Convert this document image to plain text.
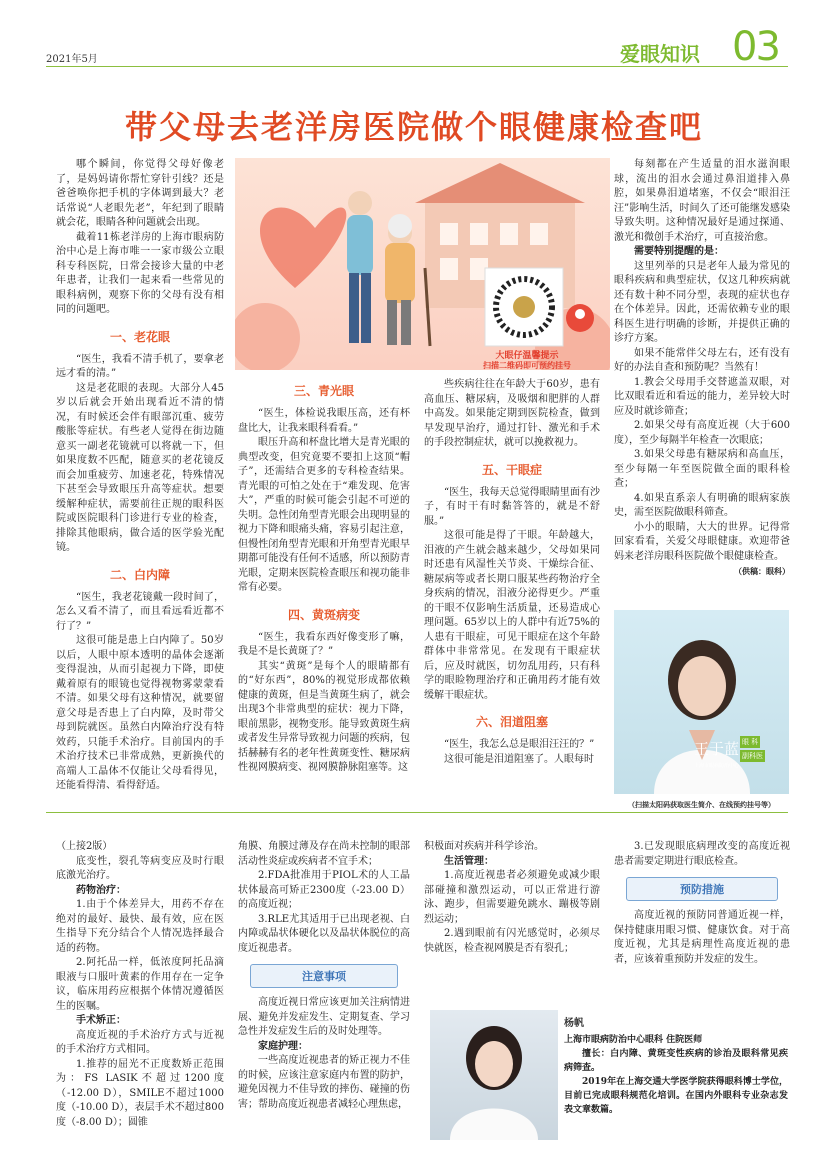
2021年5月	爱眼知识 03
带父母去老洋房医院做个眼健康检查吧

哪个瞬间，你觉得父母好像老了，是妈妈请你帮忙穿针引线？还是爸爸唤你把手机的字体调到最大？老话常说“人老眼先老”，年纪到了眼睛就会花，眼睛各种问题就会出现。

截着11栋老洋房的上海市眼病防治中心是上海市唯一一家市级公立眼科专科医院，日常会接诊大量的中老年患者，让我们一起来看一些常见的眼科病例，观察下你的父母有没有相同的问题吧。

一、老花眼

“医生，我看不清手机了，要拿老远才看的清。”

这是老花眼的表现。大部分人45岁以后就会开始出现看近不清的情况，有时候还会伴有眼部沉重、疲劳酸胀等症状。有些老人觉得在街边随意买一副老花镜就可以将就一下，但如果度数不匹配，随意买的老花镜反而会加重疲劳、加速老花，特殊情况下甚至会导致眼压升高等症状。想要缓解种症状，需要前往正规的眼科医院或医院眼科门诊进行专业的检查，排除其他眼病，做合适的医学验光配镜。

二、白内障

“医生，我老花镜戴一段时间了，怎么又看不清了，而且看远看近都不行了？”

这很可能是患上白内障了。50岁以后，人眼中原本透明的晶体会逐渐变得混浊，从而引起视力下降，即使戴着原有的眼镜也觉得视物雾蒙蒙看不清。如果父母有这种情况，就要留意父母是否患上了白内障，及时带父母到院就医。虽然白内障治疗没有特效药，只能手术治疗。目前国内的手术治疗技术已非常成熟，更新换代的高端人工晶体不仅能让父母看得见，还能看得清、看得舒适。

大眼仔温馨提示
扫描二维码即可预约挂号
三、青光眼

“医生，体检说我眼压高，还有杯盘比大，让我来眼科看看。”

眼压升高和杯盘比增大是青光眼的典型改变，但究竟要不要扣上这顶“帽子”，还需结合更多的专科检查结果。青光眼的可怕之处在于“难发现、危害大”，严重的时候可能会引起不可逆的失明。急性闭角型青光眼会出现明显的视力下降和眼痛头痛，容易引起注意，但慢性闭角型青光眼和开角型青光眼早期都可能没有任何不适感，所以预防青光眼，定期来医院检查眼压和视功能非常有必要。

四、黄斑病变

“医生，我看东西好像变形了嘛，我是不是长黄斑了？”

其实“黄斑”是每个人的眼睛都有的“好东西”，80%的视觉形成都依赖健康的黄斑，但是当黄斑生病了，就会出现3个非常典型的症状：视力下降，眼前黑影，视物变形。能导致黄斑生病或者发生异常导致视力问题的疾病，包括赫赫有名的老年性黄斑变性、糖尿病性视网膜病变、视网膜静脉阻塞等。这

些疾病往往在年龄大于60岁，患有高血压、糖尿病，及吸烟和肥胖的人群中高发。如果能定期到医院检查，做到早发现早治疗，通过打针、激光和手术的手段控制症状，就可以挽救视力。

五、干眼症

“医生，我每天总觉得眼睛里面有沙子，有时干有时黏答答的，就是不舒服。”

这很可能是得了干眼。年龄越大，泪液的产生就会越来越少，父母如果同时还患有风湿性关节炎、干燥综合征、糖尿病等或者长期口服某些药物治疗全身疾病的情况，泪液分泌得更少。严重的干眼不仅影响生活质量，还易造成心理问题。65岁以上的人群中有近75%的人患有干眼症，可见干眼症在这个年龄群体中非常常见。在发现有干眼症状后，应及时就医，切勿乱用药，只有科学的眼睑物理治疗和正确用药才能有效缓解干眼症状。

六、泪道阻塞

“医生，我怎么总是眼泪汪汪的？”

这很可能是泪道阻塞了。人眼每时

每刻都在产生适量的泪水滋润眼球，流出的泪水会通过鼻泪道排入鼻腔，如果鼻泪道堵塞，不仅会“眼泪汪汪”影响生活，时间久了还可能继发感染导致失明。这种情况最好是通过探通、激光和微创手术治疗，可直接治愈。

需要特别提醒的是：

这里列举的只是老年人最为常见的眼科疾病和典型症状，仅这几种疾病就还有数十种不同分型，表现的症状也存在个体差异。因此，还需依赖专业的眼科医生进行明确的诊断，并提供正确的诊疗方案。

如果不能常伴父母左右，还有没有好的办法自查和预防呢？当然有！

1.教会父母用手交替遮盖双眼，对比双眼看近和看远的能力，差异较大时应及时就诊筛查；

2.如果父母有高度近视（大于600度），至少每隔半年检查一次眼底；

3.如果父母患有糖尿病和高血压，至少每隔一年至医院做全面的眼科检查；

4.如果直系亲人有明确的眼病家族史，需至医院做眼科筛查。

小小的眼睛，大大的世界。记得常回家看看，关爱父母眼健康。欢迎带爸妈来老洋房眼科医院做个眼健康检查。

（供稿：眼科）

王于蓝 眼 科
副科医
上海市眼病防治中心
（扫描太阳码获取医生简介、在线预约挂号等）

（上接2版）

底变性，裂孔等病变应及时行眼底激光治疗。

药物治疗：

1.由于个体差异大，用药不存在绝对的最好、最快、最有效，应在医生指导下充分结合个人情况选择最合适的药物。

2.阿托品一样，低浓度阿托品滴眼液与口服叶黄素的作用存在一定争议，临床用药应根据个体情况遵循医生的医嘱。

手术矫正：

高度近视的手术治疗方式与近视的手术治疗方式相同。

1.推荐的屈光不正度数矫正范围为：FS LASIK不超过1200度（-12.00 D），SMILE不超过1000度（-10.00 D），表层手术不超过800度（-8.00 D）；圆锥

角膜、角膜过薄及存在尚未控制的眼部活动性炎症或疾病者不宜手术；

2.FDA批准用于PIOL术的人工晶状体最高可矫正2300度（-23.00 D）的高度近视；

3.RLE尤其适用于已出现老视、白内障或晶状体硬化以及晶状体脱位的高度近视患者。

注意事项

高度近视日常应该更加关注病情进展、避免并发症发生、定期复查、学习急性并发症发生后的及时处理等。

家庭护理：

一些高度近视患者的矫正视力不佳的时候，应该注意家庭内布置的防护，避免因视力不佳导致的摔伤、碰撞的伤害；帮助高度近视患者减轻心理焦虑，

积极面对疾病并科学诊治。

生活管理：

1.高度近视患者必须避免或减少眼部碰撞和激烈运动，可以正常进行游泳、跑步，但需要避免跳水、蹦极等剧烈运动；

2.遇到眼前有闪光感觉时，必须尽快就医，检查视网膜是否有裂孔；

3.已发现眼底病理改变的高度近视患者需要定期进行眼底检查。

预防措施

高度近视的预防同普通近视一样，保持健康用眼习惯、健康饮食。对于高度近视，尤其是病理性高度近视的患者，应该着重预防并发症的发生。

杨帆

上海市眼病防治中心眼科 住院医师

擅长：白内障、黄斑变性疾病的诊治及眼科常见疾病筛查。

2019年在上海交通大学医学院获得眼科博士学位，目前已完成眼科规范化培训。在国内外眼科专业杂志发表文章数篇。
